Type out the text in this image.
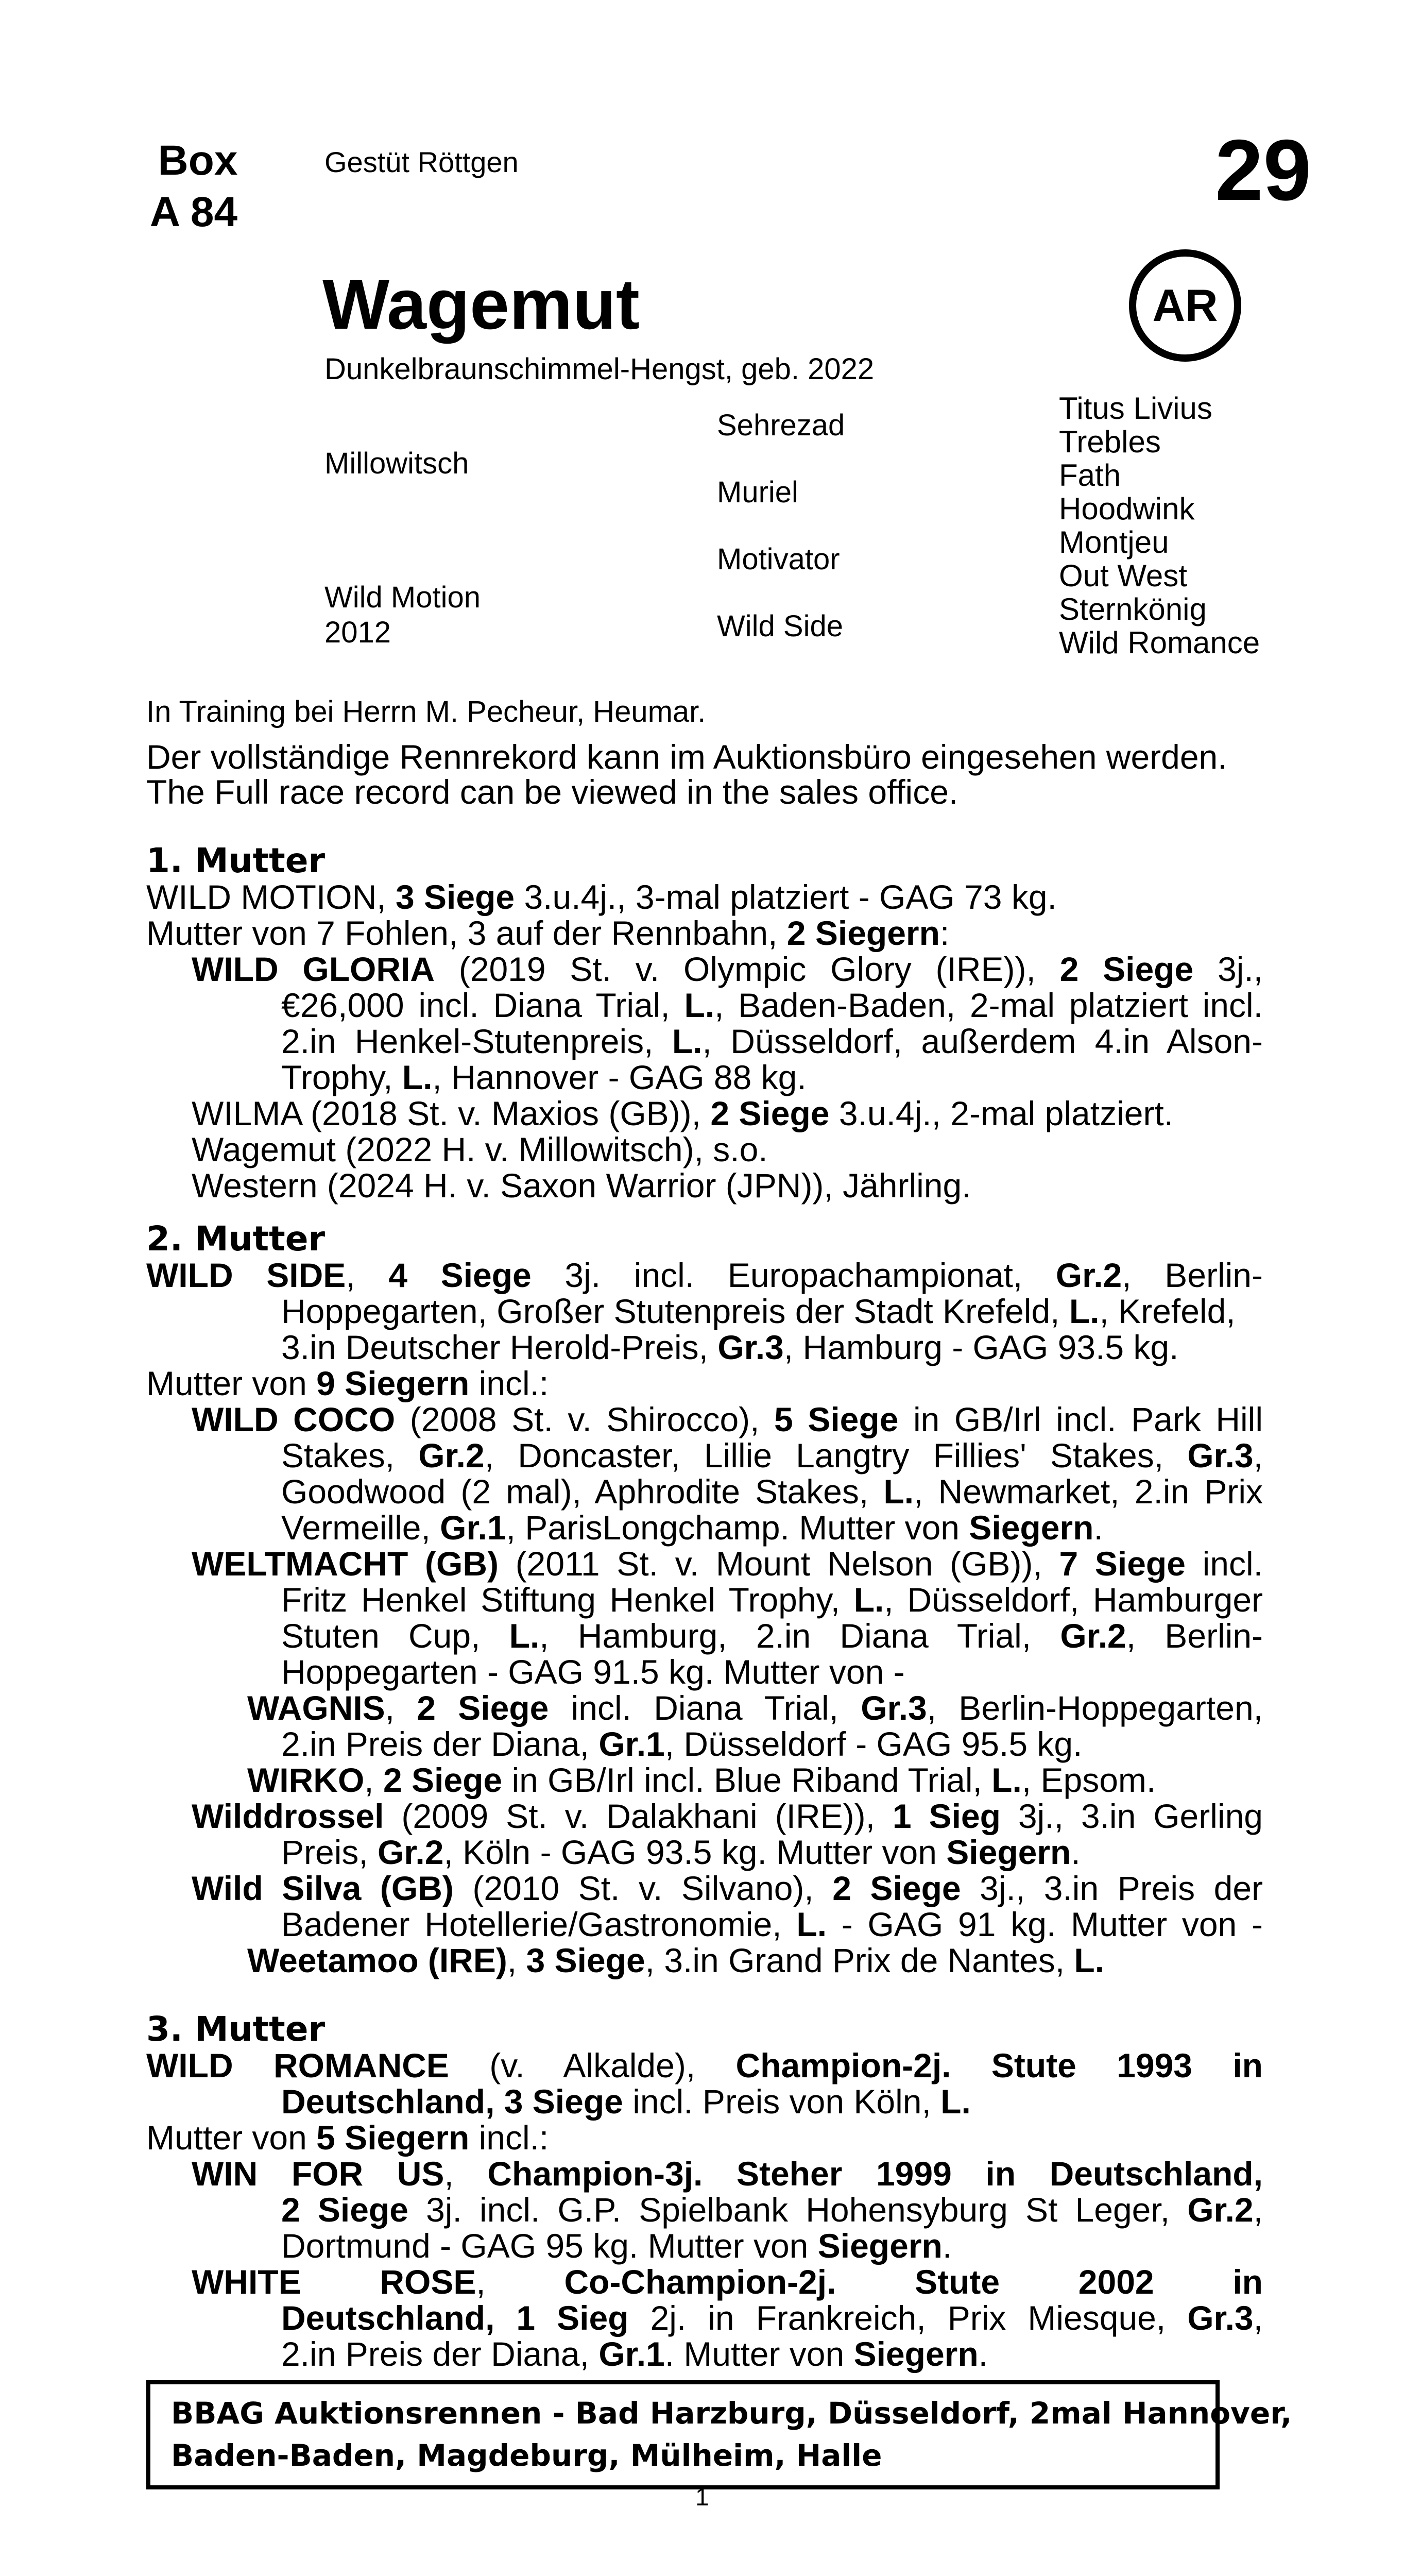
Box
A 84
Gestüt Röttgen	29
AR
Wagemut
Dunkelbraunschimmel-Hengst, geb. 2022
Millowitsch
Wild Motion
2012
Sehrezad
Muriel
Motivator
Wild Side
Titus Livius
Trebles
Fath
Hoodwink
Montjeu
Out West
Sternkönig
Wild Romance
In Training bei Herrn M. Pecheur, Heumar.
Der vollständige Rennrekord kann im Auktionsbüro eingesehen werden.
The Full race record can be viewed in the sales office.
1. Mutter
WILD MOTION, 3 Siege 3.u.4j., 3-mal platziert - GAG 73 kg.
Mutter von 7 Fohlen, 3 auf der Rennbahn, 2 Siegern:
WILD GLORIA (2019 St. v. Olympic Glory (IRE)), 2 Siege 3j.,
€26,000 incl. Diana Trial, L., Baden-Baden, 2-mal platziert incl.
2.in Henkel-Stutenpreis, L., Düsseldorf, außerdem 4.in Alson-
Trophy, L., Hannover - GAG 88 kg.
WILMA (2018 St. v. Maxios (GB)), 2 Siege 3.u.4j., 2-mal platziert.
Wagemut (2022 H. v. Millowitsch), s.o.
Western (2024 H. v. Saxon Warrior (JPN)), Jährling.
2. Mutter
WILD SIDE, 4 Siege 3j. incl. Europachampionat, Gr.2, Berlin-
Hoppegarten, Großer Stutenpreis der Stadt Krefeld, L., Krefeld,
3.in Deutscher Herold-Preis, Gr.3, Hamburg - GAG 93.5 kg.
Mutter von 9 Siegern incl.:
WILD COCO (2008 St. v. Shirocco), 5 Siege in GB/Irl incl. Park Hill
Stakes, Gr.2, Doncaster, Lillie Langtry Fillies' Stakes, Gr.3,
Goodwood (2 mal), Aphrodite Stakes, L., Newmarket, 2.in Prix
Vermeille, Gr.1, ParisLongchamp. Mutter von Siegern.
WELTMACHT (GB) (2011 St. v. Mount Nelson (GB)), 7 Siege incl.
Fritz Henkel Stiftung Henkel Trophy, L., Düsseldorf, Hamburger
Stuten Cup, L., Hamburg, 2.in Diana Trial, Gr.2, Berlin-
Hoppegarten - GAG 91.5 kg. Mutter von -
WAGNIS, 2 Siege incl. Diana Trial, Gr.3, Berlin-Hoppegarten,
2.in Preis der Diana, Gr.1, Düsseldorf - GAG 95.5 kg.
WIRKO, 2 Siege in GB/Irl incl. Blue Riband Trial, L., Epsom.
Wilddrossel (2009 St. v. Dalakhani (IRE)), 1 Sieg 3j., 3.in Gerling
Preis, Gr.2, Köln - GAG 93.5 kg. Mutter von Siegern.
Wild Silva (GB) (2010 St. v. Silvano), 2 Siege 3j., 3.in Preis der
Badener Hotellerie/Gastronomie, L. - GAG 91 kg. Mutter von -
Weetamoo (IRE), 3 Siege, 3.in Grand Prix de Nantes, L.
3. Mutter
WILD ROMANCE (v. Alkalde), Champion-2j. Stute 1993 in
Deutschland, 3 Siege incl. Preis von Köln, L.
Mutter von 5 Siegern incl.:
WIN FOR US, Champion-3j. Steher 1999 in Deutschland,
2 Siege 3j. incl. G.P. Spielbank Hohensyburg St Leger, Gr.2,
Dortmund - GAG 95 kg. Mutter von Siegern.
WHITE ROSE, Co-Champion-2j. Stute 2002 in
Deutschland, 1 Sieg 2j. in Frankreich, Prix Miesque, Gr.3,
2.in Preis der Diana, Gr.1. Mutter von Siegern.
BBAG Auktionsrennen - Bad Harzburg, Düsseldorf, 2mal Hannover,
Baden-Baden, Magdeburg, Mülheim, Halle
1
